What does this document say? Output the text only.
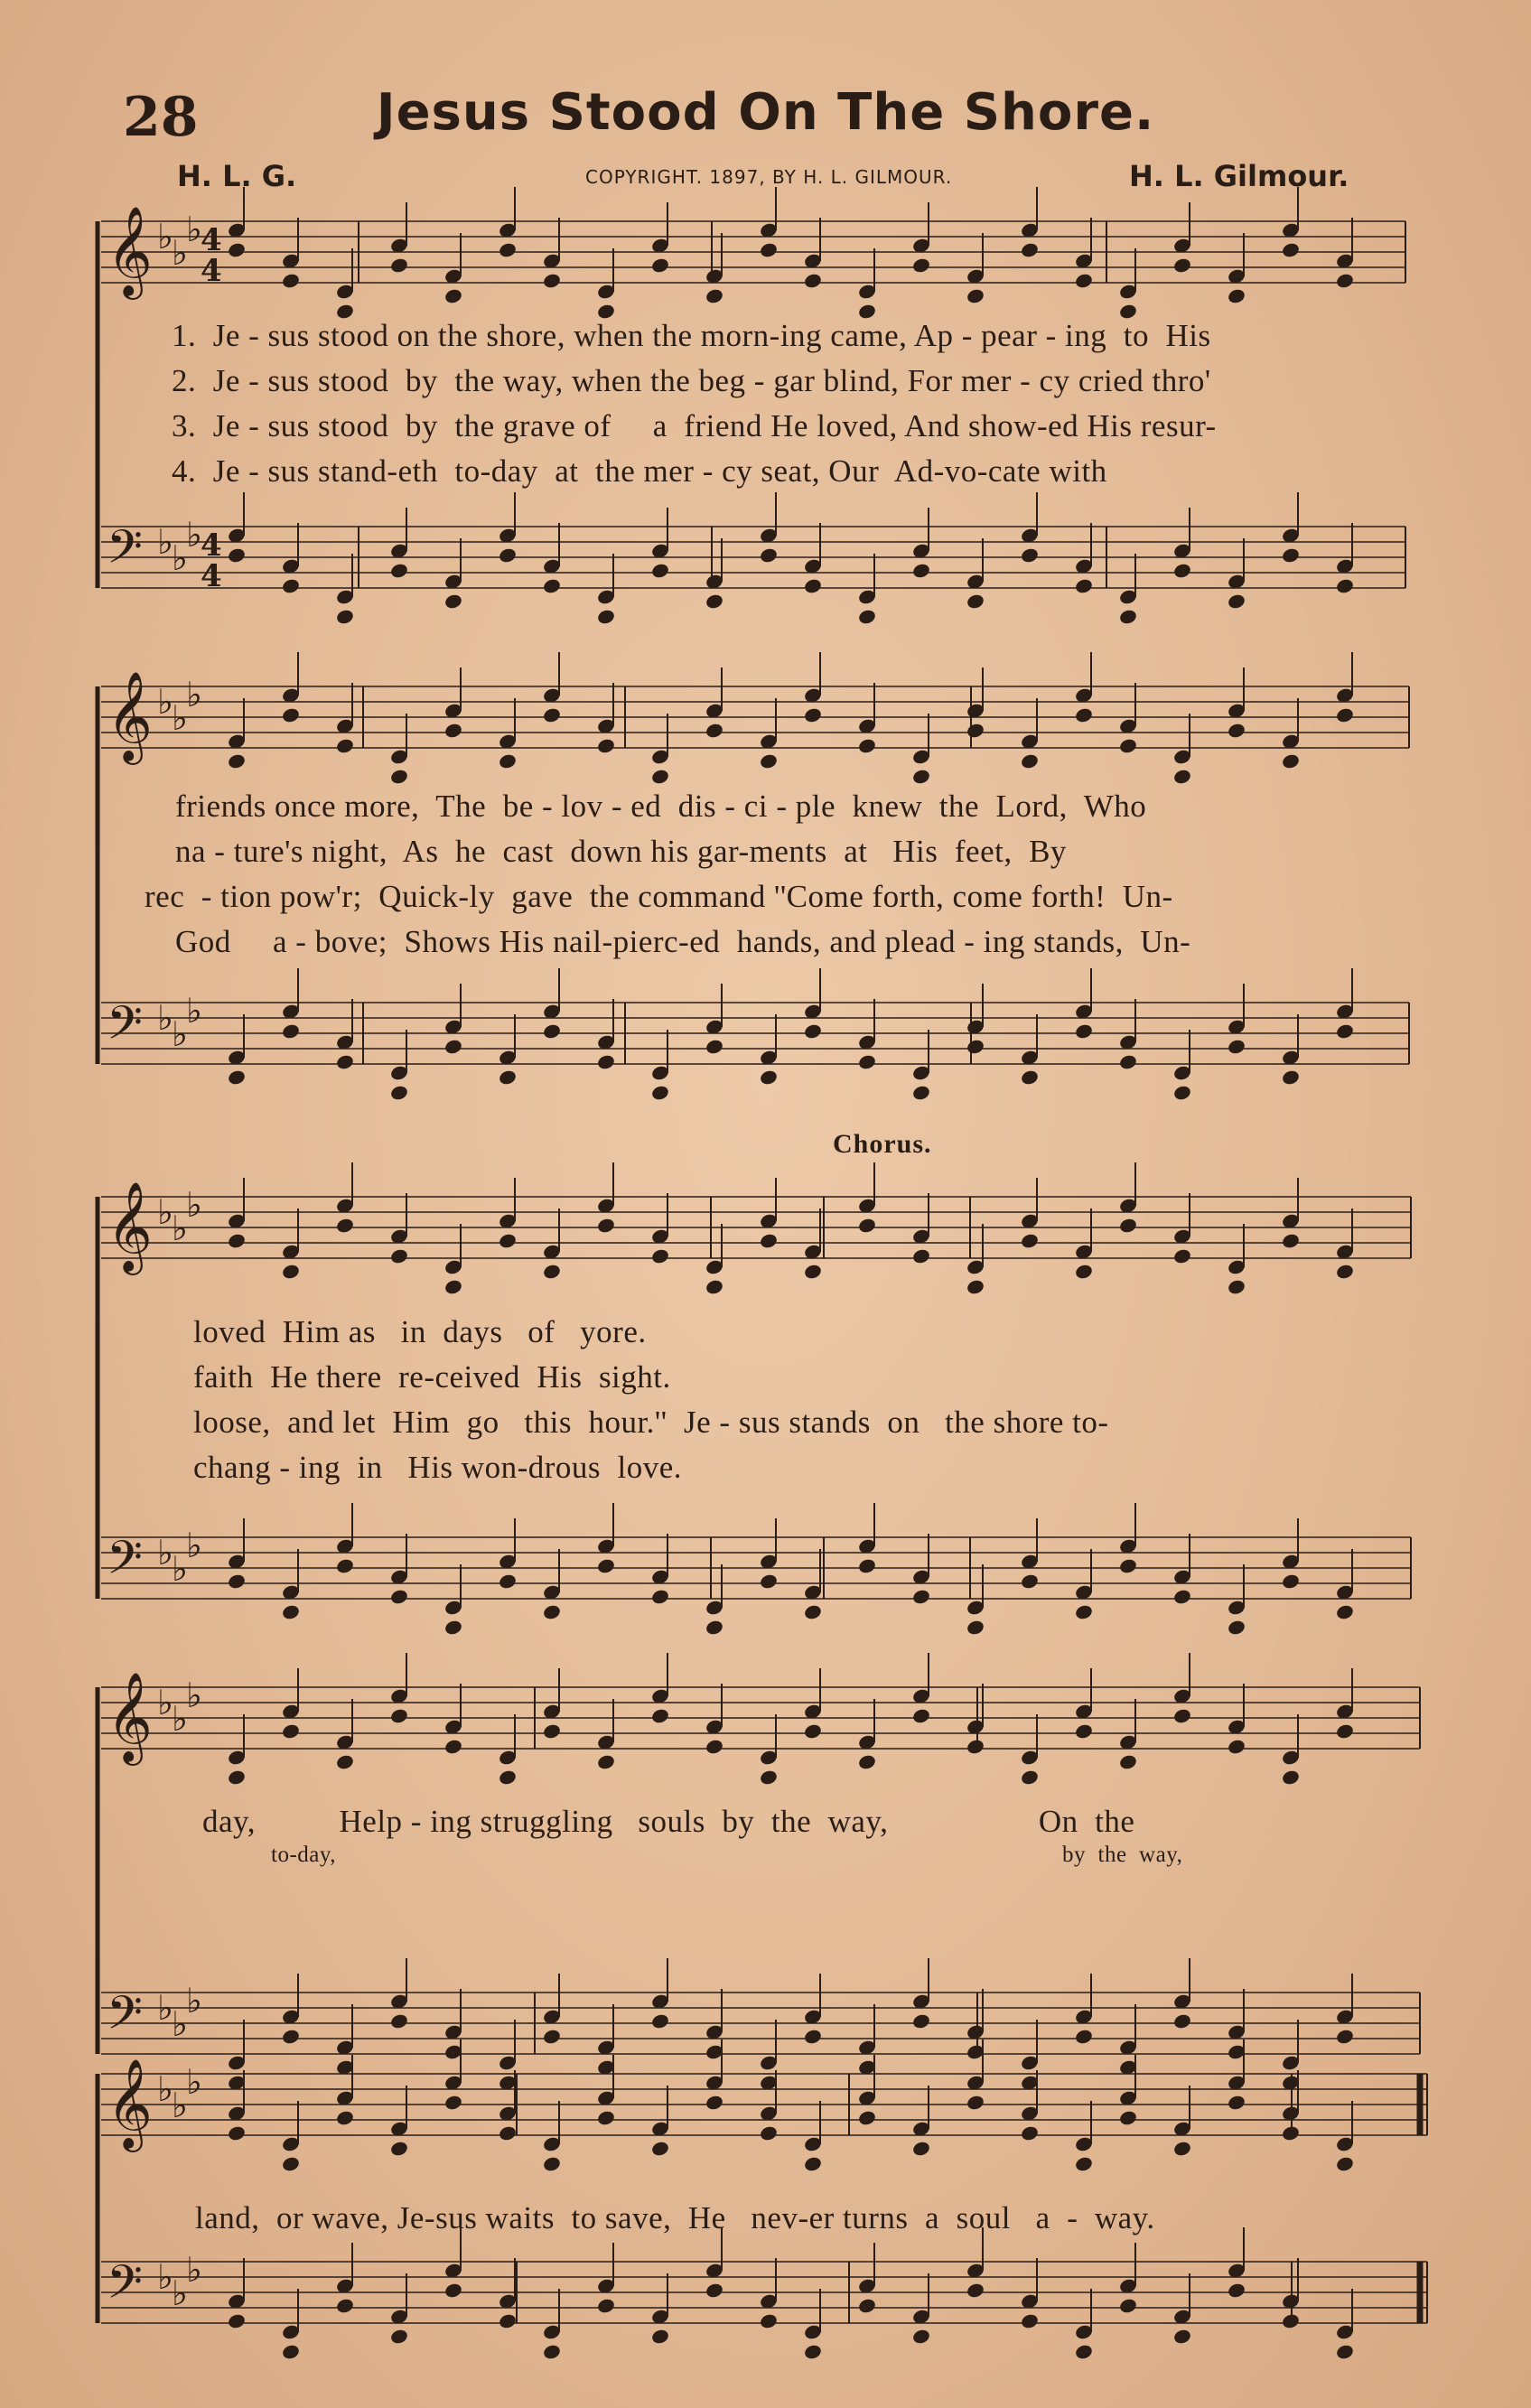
28	Jesus Stood On The Shore.
H. L. G.	COPYRIGHT. 1897, BY H. L. GILMOUR.	H. L. Gilmour.
Chorus.
𝄞 ♭
♭
♭
𝄢 ♭
♭
♭
𝄞 ♭
♭
♭
𝄢 ♭
♭
♭
𝄞 ♭
♭
♭
𝄢 ♭
♭
♭
𝄞 ♭
♭
♭
𝄢 ♭
♭
♭
𝄞 ♭
♭
♭
𝄢 ♭
♭
♭
4
4
4
4
1.  Je - sus stood on the shore, when the morn-ing came, Ap - pear - ing  to  His
2.  Je - sus stood  by  the way, when the beg - gar blind, For mer - cy cried thro'
3.  Je - sus stood  by  the grave of     a  friend He loved, And show-ed His resur-
4.  Je - sus stand-eth  to-day  at  the mer - cy seat, Our  Ad-vo-cate with
friends once more,  The  be - lov - ed  dis - ci - ple  knew  the  Lord,  Who
na - ture's night,  As  he  cast  down his gar-ments  at   His  feet,  By
rec  - tion pow'r;  Quick-ly  gave  the command ''Come forth, come forth!  Un-
God     a - bove;  Shows His nail-pierc-ed  hands, and plead - ing stands,  Un-
loved  Him as   in  days   of   yore.
faith  He there  re-ceived  His  sight.
loose,  and let  Him  go   this  hour.''  Je - sus stands  on   the shore to-
chang - ing  in   His won-drous  love.
day,          Help - ing struggling   souls  by  the  way,                  On  the
to-day,	by  the  way,
land,  or wave, Je-sus waits  to save,  He   nev-er turns  a  soul   a  -  way.
